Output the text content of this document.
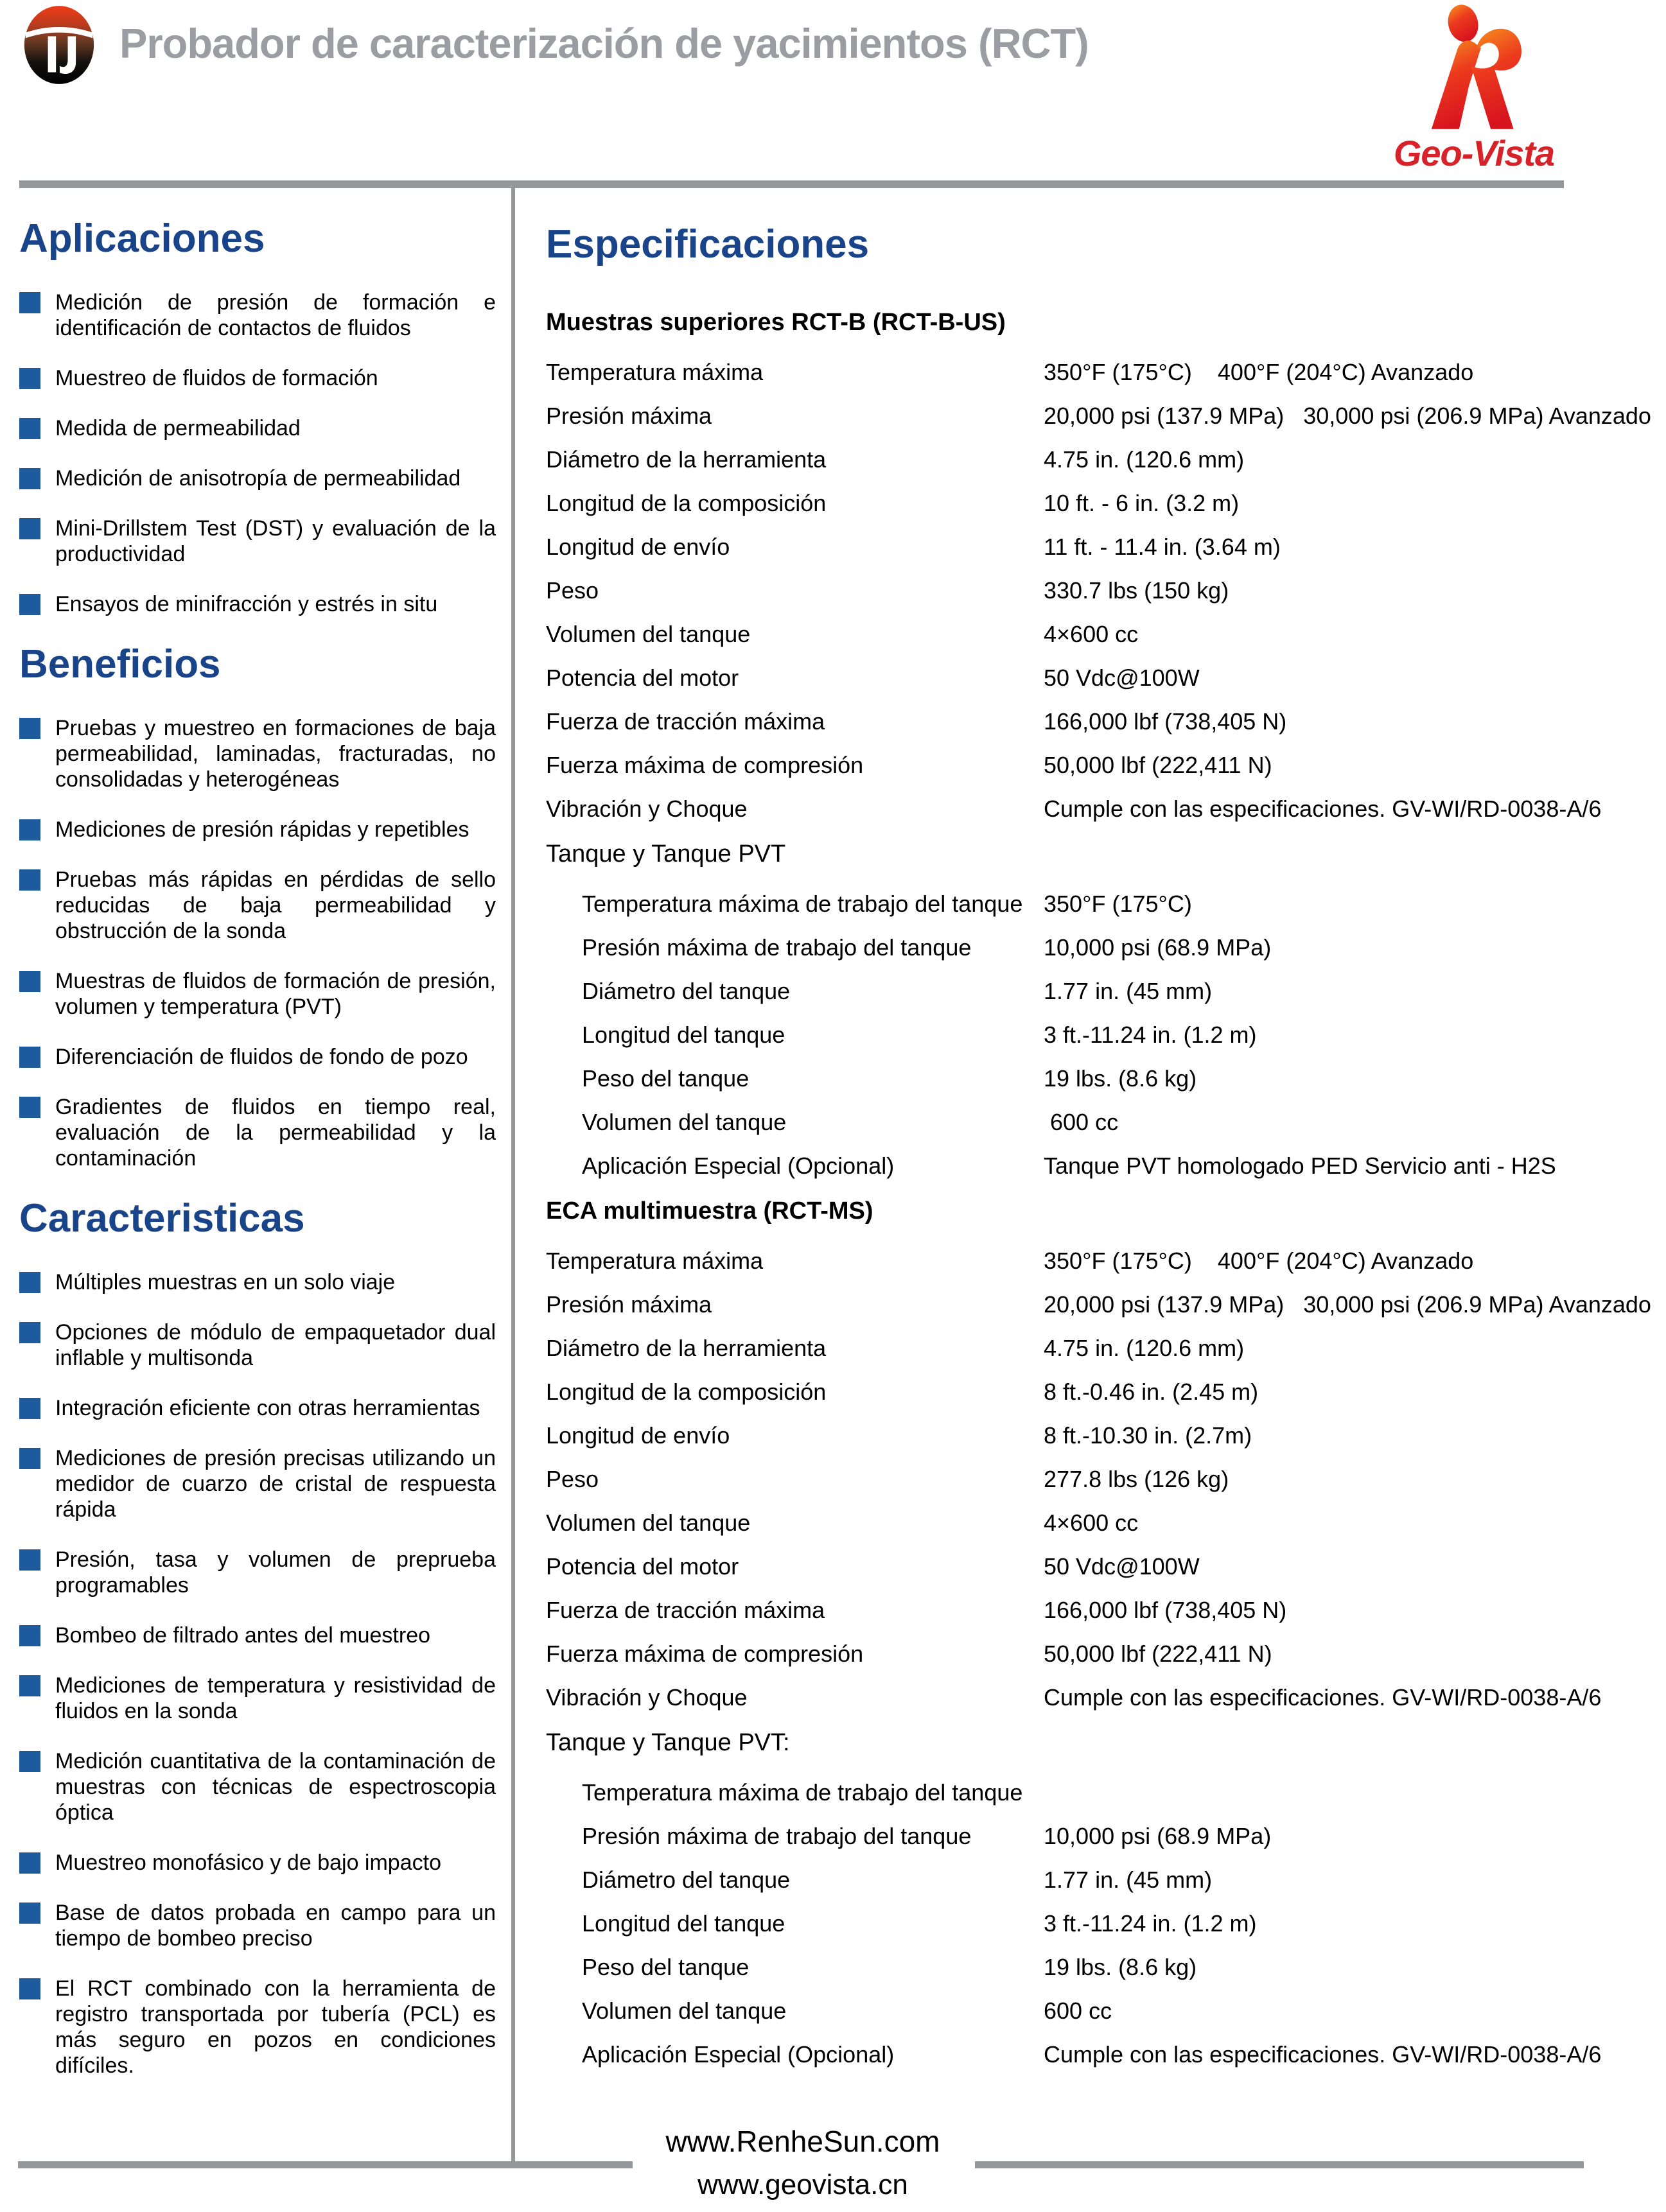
Probador de caracterización de yacimientos (RCT)
Geo-Vista
Aplicaciones
Medición de presión de formación e identificación de contactos de fluidos
Muestreo de fluidos de formación
Medida de permeabilidad
Medición de anisotropía de permeabilidad
Mini-Drillstem Test (DST) y evaluación de la productividad
Ensayos de minifracción y estrés in situ
Beneficios
Pruebas y muestreo en formaciones de baja permeabilidad, laminadas, fracturadas, no consolidadas y heterogéneas
Mediciones de presión rápidas y repetibles
Pruebas más rápidas en pérdidas de sello reducidas de baja permeabilidad y obstrucción de la sonda
Muestras de fluidos de formación de presión, volumen y temperatura (PVT)
Diferenciación de fluidos de fondo de pozo
Gradientes de fluidos en tiempo real, evaluación de la permeabilidad y la contaminación
Caracteristicas
Múltiples muestras en un solo viaje
Opciones de módulo de empaquetador dual inflable y multisonda
Integración eficiente con otras herramientas
Mediciones de presión precisas utilizando un medidor de cuarzo de cristal de respuesta rápida
Presión, tasa y volumen de preprueba programables
Bombeo de filtrado antes del muestreo
Mediciones de temperatura y resistividad de fluidos en la sonda
Medición cuantitativa de la contaminación de muestras con técnicas de espectroscopia óptica
Muestreo monofásico y de bajo impacto
Base de datos probada en campo para un tiempo de bombeo preciso
El RCT combinado con la herramienta de registro transportada por tubería (PCL) es más seguro en pozos en condiciones difíciles.
Especificaciones
Muestras superiores RCT-B (RCT-B-US)
Temperatura máxima	350°F (175°C)    400°F (204°C) Avanzado
Presión máxima	20,000 psi (137.9 MPa)   30,000 psi (206.9 MPa) Avanzado
Diámetro de la herramienta	4.75 in. (120.6 mm)
Longitud de la composición	10 ft. - 6 in. (3.2 m)
Longitud de envío	11 ft. - 11.4 in. (3.64 m)
Peso	330.7 lbs (150 kg)
Volumen del tanque	4×600 cc
Potencia del motor	50 Vdc@100W
Fuerza de tracción máxima	166,000 lbf (738,405 N)
Fuerza máxima de compresión	50,000 lbf (222,411 N)
Vibración y Choque	Cumple con las especificaciones. GV-WI/RD-0038-A/6
Tanque y Tanque PVT
Temperatura máxima de trabajo del tanque 350°F (175°C)
Presión máxima de trabajo del tanque	10,000 psi (68.9 MPa)
Diámetro del tanque	1.77 in. (45 mm)
Longitud del tanque	3 ft.-11.24 in. (1.2 m)
Peso del tanque	19 lbs. (8.6 kg)
Volumen del tanque	600 cc
Aplicación Especial (Opcional)	Tanque PVT homologado PED Servicio anti - H2S
ECA multimuestra (RCT-MS)
Temperatura máxima	350°F (175°C)    400°F (204°C) Avanzado
Presión máxima	20,000 psi (137.9 MPa)   30,000 psi (206.9 MPa) Avanzado
Diámetro de la herramienta	4.75 in. (120.6 mm)
Longitud de la composición	8 ft.-0.46 in. (2.45 m)
Longitud de envío	8 ft.-10.30 in. (2.7m)
Peso	277.8 lbs (126 kg)
Volumen del tanque	4×600 cc
Potencia del motor	50 Vdc@100W
Fuerza de tracción máxima	166,000 lbf (738,405 N)
Fuerza máxima de compresión	50,000 lbf (222,411 N)
Vibración y Choque	Cumple con las especificaciones. GV-WI/RD-0038-A/6
Tanque y Tanque PVT:
Temperatura máxima de trabajo del tanque
Presión máxima de trabajo del tanque	10,000 psi (68.9 MPa)
Diámetro del tanque	1.77 in. (45 mm)
Longitud del tanque	3 ft.-11.24 in. (1.2 m)
Peso del tanque	19 lbs. (8.6 kg)
Volumen del tanque	600 cc
Aplicación Especial (Opcional)	Cumple con las especificaciones. GV-WI/RD-0038-A/6
www.RenheSun.com
www.geovista.cn
